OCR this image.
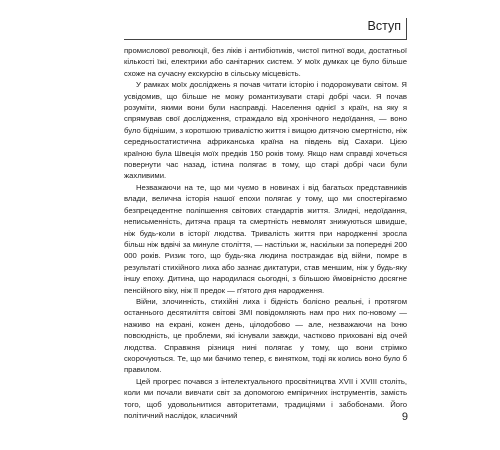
Вступ

промислової революції, без ліків і антибіотиків, чистої питної води, достатньої кількості їжі, електрики або санітарних систем. У моїх думках це було більше схоже на сучасну екскурсію в сільську місцевість.

У рамках моїх досліджень я почав читати історію і подорожувати світом. Я усвідомив, що більше не можу романтизувати старі добрі часи. Я почав розуміти, якими вони були насправді. Населення однієї з країн, на яку я спрямував свої дослідження, страждало від хронічного недоїдання, — воно було біднішим, з коротшою тривалістю життя і вищою дитячою смертністю, ніж середньостатистична африканська країна на південь від Сахари. Цією країною була Швеція моїх предків 150 років тому. Якщо нам справді хочеться повернути час назад, істина полягає в тому, що старі добрі часи були жахливими.

Незважаючи на те, що ми чуємо в новинах і від багатьох представників влади, велична історія нашої епохи полягає у тому, що ми спостерігаємо безпрецедентне поліпшення світових стандартів життя. Злидні, недоїдання, неписьменність, дитяча праця та смертність невмолят знижуються швидше, ніж будь-коли в історії людства. Тривалість життя при народженні зросла більш ніж вдвічі за минуле століття, — настільки ж, наскільки за попередні 200 000 років. Ризик того, що будь-яка людина постраждає від війни, помре в результаті стихійного лиха або зазнає диктатури, став меншим, ніж у будь-яку іншу епоху. Дитина, що народилася сьогодні, з більшою ймовірністю досягне пенсійного віку, ніж її предок — п'ятого дня народження.

Війни, злочинність, стихійні лиха і бідність болісно реальні, і протягом останнього десятиліття світові ЗМІ повідомляють нам про них по-новому — наживо на екрані, кожен день, цілодобово — але, незважаючи на їхню повсюдність, це проблеми, які існували завжди, частково приховані від очей людства. Справжня різниця нині полягає у тому, що вони стрімко скорочуються. Те, що ми бачимо тепер, є винятком, тоді як колись воно було б правилом.

Цей прогрес почався з інтелектуального просвітництва XVII і XVIII століть, коли ми почали вивчати світ за допомогою емпіричних інструментів, замість того, щоб удовольнитися авторитетами, традиціями і забобонами. Його політичний наслідок, класичний	9
